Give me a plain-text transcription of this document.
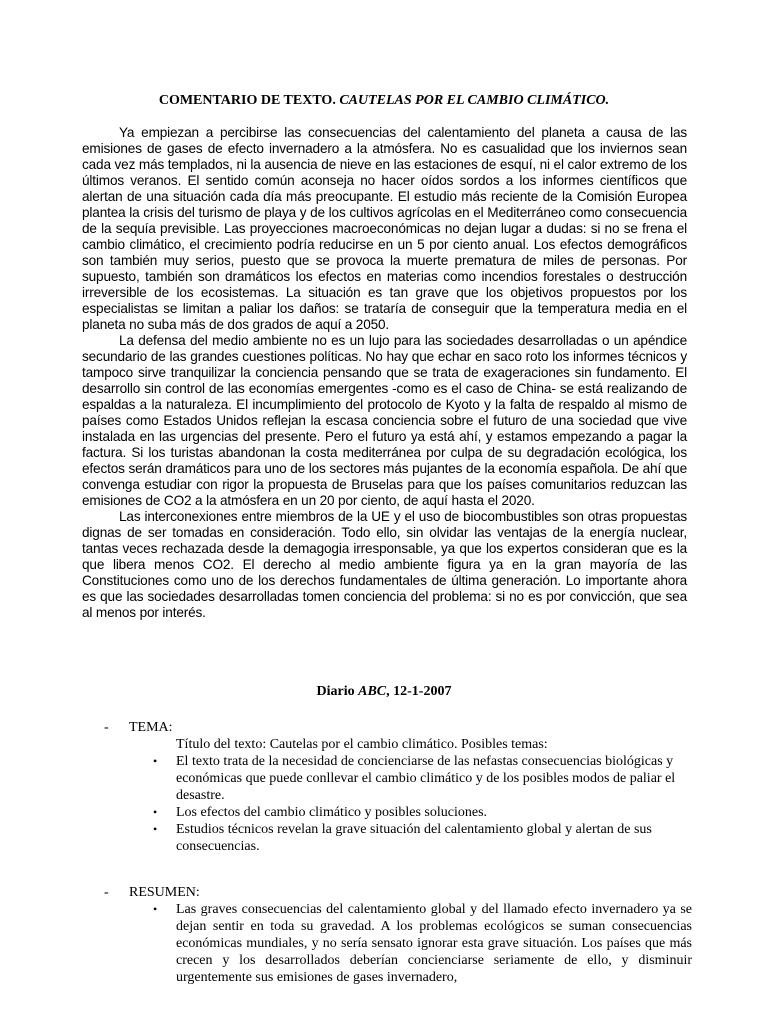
COMENTARIO DE TEXTO. CAUTELAS POR EL CAMBIO CLIMÁTICO.

Ya empiezan a percibirse las consecuencias del calentamiento del planeta a causa de las emisiones de gases de efecto invernadero a la atmósfera. No es casualidad que los inviernos sean cada vez más templados, ni la ausencia de nieve en las estaciones de esquí, ni el calor extremo de los últimos veranos. El sentido común aconseja no hacer oídos sordos a los informes científicos que alertan de una situación cada día más preocupante. El estudio más reciente de la Comisión Europea plantea la crisis del turismo de playa y de los cultivos agrícolas en el Mediterráneo como consecuencia de la sequía previsible. Las proyecciones macroeconómicas no dejan lugar a dudas: si no se frena el cambio climático, el crecimiento podría reducirse en un 5 por ciento anual. Los efectos demográficos son también muy serios, puesto que se provoca la muerte prematura de miles de personas. Por supuesto, también son dramáticos los efectos en materias como incendios forestales o destrucción irreversible de los ecosistemas. La situación es tan grave que los objetivos propuestos por los especialistas se limitan a paliar los daños: se trataría de conseguir que la temperatura media en el planeta no suba más de dos grados de aquí a 2050.

La defensa del medio ambiente no es un lujo para las sociedades desarrolladas o un apéndice secundario de las grandes cuestiones políticas. No hay que echar en saco roto los informes técnicos y tampoco sirve tranquilizar la conciencia pensando que se trata de exageraciones sin fundamento. El desarrollo sin control de las economías emergentes -como es el caso de China- se está realizando de espaldas a la naturaleza. El incumplimiento del protocolo de Kyoto y la falta de respaldo al mismo de países como Estados Unidos reflejan la escasa conciencia sobre el futuro de una sociedad que vive instalada en las urgencias del presente. Pero el futuro ya está ahí, y estamos empezando a pagar la factura. Si los turistas abandonan la costa mediterránea por culpa de su degradación ecológica, los efectos serán dramáticos para uno de los sectores más pujantes de la economía española. De ahí que convenga estudiar con rigor la propuesta de Bruselas para que los países comunitarios reduzcan las emisiones de CO2 a la atmósfera en un 20 por ciento, de aquí hasta el 2020.

Las interconexiones entre miembros de la UE y el uso de biocombustibles son otras propuestas dignas de ser tomadas en consideración. Todo ello, sin olvidar las ventajas de la energía nuclear, tantas veces rechazada desde la demagogia irresponsable, ya que los expertos consideran que es la que libera menos CO2. El derecho al medio ambiente figura ya en la gran mayoría de las Constituciones como uno de los derechos fundamentales de última generación. Lo importante ahora es que las sociedades desarrolladas tomen conciencia del problema: si no es por convicción, que sea al menos por interés.

Diario ABC, 12-1-2007
- TEMA:
Título del texto: Cautelas por el cambio climático. Posibles temas:
• El texto trata de la necesidad de concienciarse de las nefastas consecuencias biológicas y económicas que puede conllevar el cambio climático y de los posibles modos de paliar el desastre.
• Los efectos del cambio climático y posibles soluciones.
• Estudios técnicos revelan la grave situación del calentamiento global y alertan de sus consecuencias.
- RESUMEN:
• Las graves consecuencias del calentamiento global y del llamado efecto invernadero ya se dejan sentir en toda su gravedad. A los problemas ecológicos se suman consecuencias económicas mundiales, y no sería sensato ignorar esta grave situación. Los países que más crecen y los desarrollados deberían concienciarse seriamente de ello, y disminuir urgentemente sus emisiones de gases invernadero,
